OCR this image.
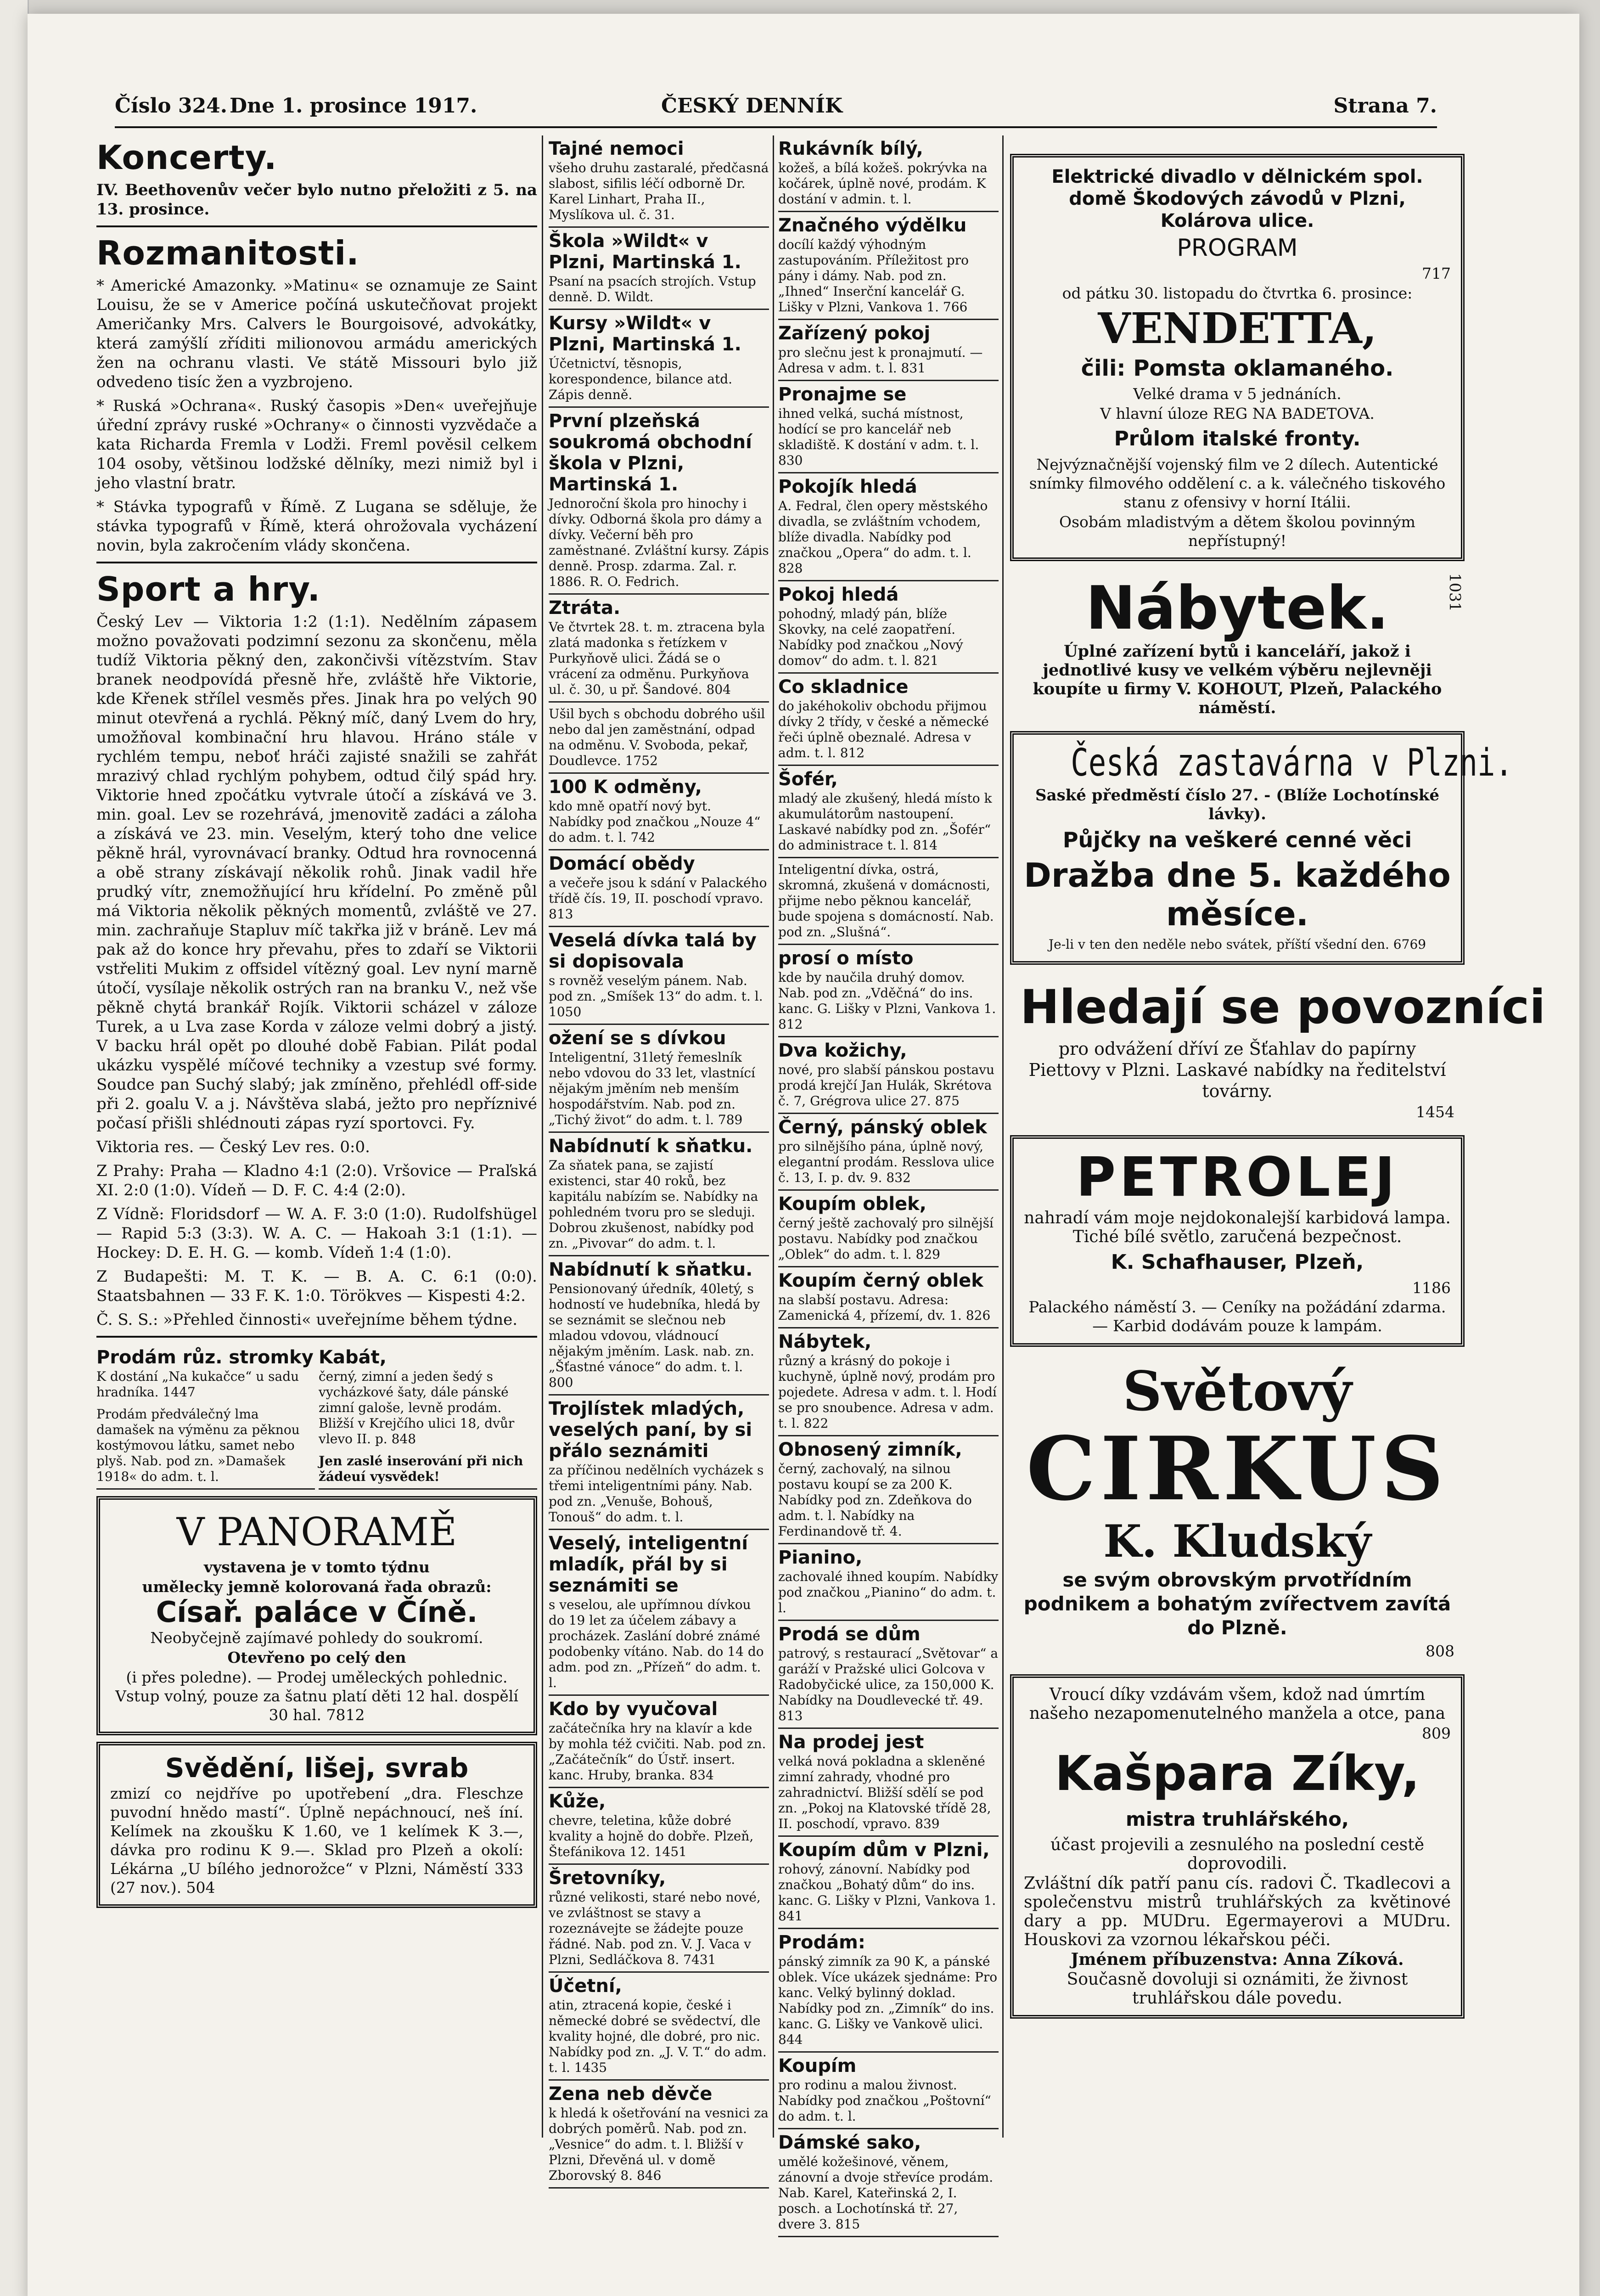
Číslo 324. Dne 1. prosince 1917.	ČESKÝ DENNÍK	Strana 7.
Koncerty.

IV. Beethovenův večer bylo nutno přeložiti z 5. na 13. prosince.

Rozmanitosti.

* Americké Amazonky. »Matinu« se oznamuje ze Saint Louisu, že se v Americe počíná uskutečňovat projekt Američanky Mrs. Calvers le Bourgoisové, advokátky, která zamýšlí zříditi milionovou armádu amerických žen na ochranu vlasti. Ve státě Missouri bylo již odvedeno tisíc žen a vyzbrojeno.

* Ruská »Ochrana«. Ruský časopis »Den« uveřejňuje úřední zprávy ruské »Ochrany« o činnosti vyzvědače a kata Richarda Fremla v Lodži. Freml pověsil celkem 104 osoby, většinou lodžské dělníky, mezi nimiž byl i jeho vlastní bratr.

* Stávka typografů v Římě. Z Lugana se sděluje, že stávka typografů v Římě, která ohrožovala vycházení novin, byla zakročením vlády skončena.

Sport a hry.

Český Lev — Viktoria 1:2 (1:1). Nedělním zápasem možno považovati podzimní sezonu za skončenu, měla tudíž Viktoria pěkný den, zakončivši vítězstvím. Stav branek neodpovídá přesně hře, zvláště hře Viktorie, kde Křenek střílel vesměs přes. Jinak hra po velých 90 minut otevřená a rychlá. Pěkný míč, daný Lvem do hry, umožňoval kombinační hru hlavou. Hráno stále v rychlém tempu, neboť hráči zajisté snažili se zahřát mrazivý chlad rychlým pohybem, odtud čilý spád hry. Viktorie hned zpočátku vytvrale útočí a získává ve 3. min. goal. Lev se rozehrává, jmenovitě zadáci a záloha a získává ve 23. min. Veselým, který toho dne velice pěkně hrál, vyrovnávací branky. Odtud hra rovnocenná a obě strany získávají několik rohů. Jinak vadil hře prudký vítr, znemožňující hru křídelní. Po změně půl má Viktoria několik pěkných momentů, zvláště ve 27. min. zachraňuje Stapluv míč takřka již v bráně. Lev má pak až do konce hry převahu, přes to zdaří se Viktorii vstřeliti Mukim z offsidel vítězný goal. Lev nyní marně útočí, vysílaje několik ostrých ran na branku V., než vše pěkně chytá brankář Rojík. Viktorii scházel v záloze Turek, a u Lva zase Korda v záloze velmi dobrý a jistý. V backu hrál opět po dlouhé době Fabian. Pilát podal ukázku vyspělé míčové techniky a vzestup své formy. Soudce pan Suchý slabý; jak zmíněno, přehlédl off-side při 2. goalu V. a j. Návštěva slabá, ježto pro nepříznivé počasí přišli shlédnouti zápas ryzí sportovci. Fy.

Viktoria res. — Český Lev res. 0:0.

Z Prahy: Praha — Kladno 4:1 (2:0). Vršovice — Praľská XI. 2:0 (1:0). Vídeň — D. F. C. 4:4 (2:0).

Z Vídně: Floridsdorf — W. A. F. 3:0 (1:0). Rudolfshügel — Rapid 5:3 (3:3). W. A. C. — Hakoah 3:1 (1:1). — Hockey: D. E. H. G. — komb. Vídeň 1:4 (1:0).

Z Budapešti: M. T. K. — B. A. C. 6:1 (0:0). Staatsbahnen — 33 F. K. 1:0. Törökves — Kispesti 4:2.

Č. S. S.: »Přehled činnosti« uveřejníme během týdne.

Prodám růz. stromky

K dostání „Na kukačce“ u sadu hradníka. 1447

Prodám předválečný lma damašek na výměnu za pěknou kostýmovou látku, samet nebo plyš. Nab. pod zn. »Damašek 1918« do adm. t. l.

Kabát,

černý, zimní a jeden šedý s vycházkové šaty, dále pánské zimní galoše, levně prodám. Bližší v Krejčího ulici 18, dvůr vlevo II. p. 848

Jen zaslé inserování při nich žádeuí vysvědek!

V PANORAMĚ
vystavena je v tomto týdnu
umělecky jemně kolorovaná řada obrazů:
Císař. paláce v Číně.
Neobyčejně zajímavé pohledy do soukromí.
Otevřeno po celý den
(i přes poledne). — Prodej uměleckých pohlednic. Vstup volný, pouze za šatnu platí děti 12 hal. dospělí 30 hal. 7812
Svědění, lišej, svrab
zmizí co nejdříve po upotřebení „dra. Fleschze puvodní hnědo mastí“. Úplně nepáchnoucí, neš íní. Kelímek na zkoušku K 1.60, ve 1 kelímek K 3.—, dávka pro rodinu K 9.—. Sklad pro Plzeň a okolí: Lékárna „U bílého jednorožce“ v Plzni, Náměstí 333 (27 nov.). 504

Tajné nemoci

všeho druhu zastaralé, předčasná slabost, sifilis léčí odborně Dr. Karel Linhart, Praha II., Myslíkova ul. č. 31.

Škola »Wildt« v Plzni, Martinská 1.

Psaní na psacích strojích. Vstup denně. D. Wildt.

Kursy »Wildt« v Plzni, Martinská 1.

Účetnictví, těsnopis, korespondence, bilance atd. Zápis denně.

První plzeňská soukromá obchodní škola v Plzni, Martinská 1.

Jednoroční škola pro hinochy i dívky. Odborná škola pro dámy a dívky. Večerní běh pro zaměstnané. Zvláštní kursy. Zápis denně. Prosp. zdarma. Zal. r. 1886. R. O. Fedrich.

Ztráta.

Ve čtvrtek 28. t. m. ztracena byla zlatá madonka s řetízkem v Purkyňově ulici. Žádá se o vrácení za odměnu. Purkyňova ul. č. 30, u př. Šandové. 804

Ušil bych s obchodu dobrého ušil nebo dal jen zaměstnání, odpad na odměnu. V. Svoboda, pekař, Doudlevce. 1752

100 K odměny,

kdo mně opatří nový byt. Nabídky pod značkou „Nouze 4“ do adm. t. l. 742

Domácí obědy

a večeře jsou k sdání v Palackého třídě čís. 19, II. poschodí vpravo. 813

Veselá dívka talá by si dopisovala

s rovněž veselým pánem. Nab. pod zn. „Smíšek 13“ do adm. t. l. 1050

ožení se s dívkou

Inteligentní, 31letý řemeslník nebo vdovou do 33 let, vlastnící nějakým jměním neb menším hospodářstvím. Nab. pod zn. „Tichý život“ do adm. t. l. 789

Nabídnutí k sňatku.

Za sňatek pana, se zajistí existenci, star 40 roků, bez kapitálu nabízím se. Nabídky na pohledném tvoru pro se sleduji. Dobrou zkušenost, nabídky pod zn. „Pivovar“ do adm. t. l.

Nabídnutí k sňatku.

Pensionovaný úředník, 40letý, s hodností ve hudebníka, hledá by se seznámit se slečnou neb mladou vdovou, vládnoucí nějakým jměním. Lask. nab. zn. „Šťastné vánoce“ do adm. t. l. 800

Trojlístek mladých, veselých paní, by si přálo seznámiti

za příčinou nedělních vycházek s třemi inteligentními pány. Nab. pod zn. „Venuše, Bohouš, Tonouš“ do adm. t. l.

Veselý, inteligentní mladík, přál by si seznámiti se

s veselou, ale upřímnou dívkou do 19 let za účelem zábavy a procházek. Zaslání dobré známé podobenky vítáno. Nab. do 14 do adm. pod zn. „Přízeň“ do adm. t. l.

Kdo by vyučoval

začátečníka hry na klavír a kde by mohla též cvičiti. Nab. pod zn. „Začátečník“ do Ústř. insert. kanc. Hruby, branka. 834

Kůže,

chevre, teletina, kůže dobré kvality a hojně do dobře. Plzeň, Štefánikova 12. 1451

Šretovníky,

různé velikosti, staré nebo nové, ve zvláštnost se stavy a rozeznávejte se žádejte pouze řádné. Nab. pod zn. V. J. Vaca v Plzni, Sedláčkova 8. 7431

Účetní,

atin, ztracená kopie, české i německé dobré se svědectví, dle kvality hojné, dle dobré, pro nic. Nabídky pod zn. „J. V. T.“ do adm. t. l. 1435

Zena neb děvče

k hledá k ošetřování na vesnici za dobrých poměrů. Nab. pod zn. „Vesnice“ do adm. t. l. Bližší v Plzni, Dřevěná ul. v domě Zborovský 8. 846

Rukávník bílý,

kožeš, a bílá kožeš. pokrývka na kočárek, úplně nové, prodám. K dostání v admin. t. l.

Značného výdělku

docílí každý výhodným zastupováním. Příležitost pro pány i dámy. Nab. pod zn. „Ihned“ Inserční kancelář G. Lišky v Plzni, Vankova 1. 766

Zařízený pokoj

pro slečnu jest k pronajmutí. — Adresa v adm. t. l. 831

Pronajme se

ihned velká, suchá místnost, hodící se pro kancelář neb skladiště. K dostání v adm. t. l. 830

Pokojík hledá

A. Fedral, člen opery městského divadla, se zvláštním vchodem, blíže divadla. Nabídky pod značkou „Opera“ do adm. t. l. 828

Pokoj hledá

pohodný, mladý pán, blíže Skovky, na celé zaopatření. Nabídky pod značkou „Nový domov“ do adm. t. l. 821

Co skladnice

do jakéhokoliv obchodu přijmou dívky 2 třídy, v české a německé řeči úplně obeznalé. Adresa v adm. t. l. 812

Šofér,

mladý ale zkušený, hledá místo k akumulátorům nastoupení. Laskavé nabídky pod zn. „Šofér“ do administrace t. l. 814

Inteligentní dívka, ostrá, skromná, zkušená v domácnosti, přijme nebo pěknou kancelář, bude spojena s domácností. Nab. pod zn. „Slušná“.

prosí o místo

kde by naučila druhý domov. Nab. pod zn. „Vděčná“ do ins. kanc. G. Lišky v Plzni, Vankova 1. 812

Dva kožichy,

nové, pro slabší pánskou postavu prodá krejčí Jan Hulák, Skrétova č. 7, Grégrova ulice 27. 875

Černý, pánský oblek

pro silnějšího pána, úplně nový, elegantní prodám. Resslova ulice č. 13, I. p. dv. 9. 832

Koupím oblek,

černý ještě zachovalý pro silnější postavu. Nabídky pod značkou „Oblek“ do adm. t. l. 829

Koupím černý oblek

na slabší postavu. Adresa: Zamenická 4, přízemí, dv. 1. 826

Nábytek,

různý a krásný do pokoje i kuchyně, úplně nový, prodám pro pojedete. Adresa v adm. t. l. Hodí se pro snoubence. Adresa v adm. t. l. 822

Obnosený zimník,

černý, zachovalý, na silnou postavu koupí se za 200 K. Nabídky pod zn. Zdeňkova do adm. t. l. Nabídky na Ferdinandově tř. 4.

Pianino,

zachovalé ihned koupím. Nabídky pod značkou „Pianino“ do adm. t. l.

Prodá se dům

patrový, s restaurací „Světovar“ a garáží v Pražské ulici Golcova v Radobyčické ulice, za 150,000 K. Nabídky na Doudlevecké tř. 49. 813

Na prodej jest

velká nová pokladna a skleněné zimní zahrady, vhodné pro zahradnictví. Bližší sdělí se pod zn. „Pokoj na Klatovské třídě 28, II. poschodí, vpravo. 839

Koupím dům v Plzni,

rohový, zánovní. Nabídky pod značkou „Bohatý dům“ do ins. kanc. G. Lišky v Plzni, Vankova 1. 841

Prodám:

pánský zimník za 90 K, a pánské oblek. Více ukázek sjednáme: Pro kanc. Velký bylinný doklad. Nabídky pod zn. „Zimník“ do ins. kanc. G. Lišky ve Vankově ulici. 844

Koupím

pro rodinu a malou živnost. Nabídky pod značkou „Poštovní“ do adm. t. l.

Dámské sako,

umělé kožešinové, věnem, zánovní a dvoje střevíce prodám. Nab. Karel, Kateřinská 2, I. posch. a Lochotínská tř. 27, dvere 3. 815

Elektrické divadlo v dělnickém spol. domě Škodových závodů v Plzni, Kolárova ulice.
PROGRAM
717
od pátku 30. listopadu do čtvrtka 6. prosince:
VENDETTA,
čili: Pomsta oklamaného.
Velké drama v 5 jednáních.
V hlavní úloze REG NA BADETOVA.
Průlom italské fronty.
Nejvýznačnější vojenský film ve 2 dílech. Autentické snímky filmového oddělení c. a k. válečného tiskového stanu z ofensivy v horní Itálii.
Osobám mladistvým a dětem školou povinným nepřístupný!
Nábytek.	1031
Úplné zařízení bytů i kanceláří, jakož i jednotlivé kusy ve velkém výběru nejlevněji koupíte u firmy V. KOHOUT, Plzeň, Palackého náměstí.
Česká zastavárna v Plzni.
Saské předměstí číslo 27. - (Blíže Lochotínské lávky).
Půjčky na veškeré cenné věci
Dražba dne 5. každého měsíce.
Je-li v ten den neděle nebo svátek, příští všední den. 6769
Hledají se povozníci
pro odvážení dříví ze Šťahlav do papírny Piettovy v Plzni. Laskavé nabídky na ředitelství továrny.
1454
PETROLEJ
nahradí vám moje nejdokonalejší karbidová lampa. Tiché bílé světlo, zaručená bezpečnost.
K. Schafhauser, Plzeň,
1186
Palackého náměstí 3. — Ceníky na požádání zdarma. — Karbid dodávám pouze k lampám.
Světový
CIRKUS
K. Kludský
se svým obrovským prvotřídním podnikem a bohatým zvířectvem zavítá do Plzně.
808
Vroucí díky vzdávám všem, kdož nad úmrtím našeho nezapomenutelného manžela a otce, pana
809
Kašpara Zíky,
mistra truhlářského,
účast projevili a zesnulého na poslední cestě doprovodili.
Zvláštní dík patří panu cís. radovi Č. Tkadlecovi a společenstvu mistrů truhlářských za květinové dary a pp. MUDru. Egermayerovi a MUDru. Houskovi za vzornou lékařskou péči.
Jménem příbuzenstva: Anna Zíková.
Současně dovoluji si oznámiti, že živnost truhlářskou dále povedu.
